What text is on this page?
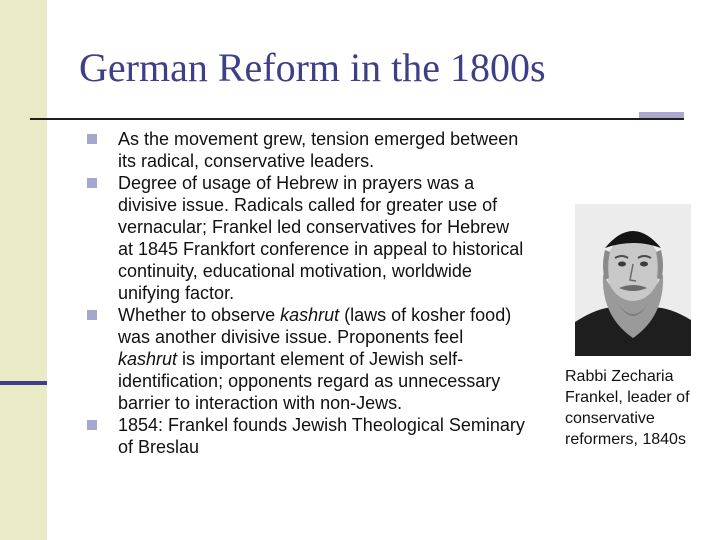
German Reform in the 1800s
As the movement grew, tension emerged between
its radical, conservative leaders.
Degree of usage of Hebrew in prayers was a
divisive issue. Radicals called for greater use of
vernacular; Frankel led conservatives for Hebrew
at 1845 Frankfort conference in appeal to historical
continuity, educational motivation, worldwide
unifying factor.
Whether to observe kashrut (laws of kosher food)
was another divisive issue. Proponents feel
kashrut is important element of Jewish self-
identification; opponents regard as unnecessary
barrier to interaction with non-Jews.
1854: Frankel founds Jewish Theological Seminary
of Breslau
Rabbi Zecharia
Frankel, leader of
conservative
reformers, 1840s
